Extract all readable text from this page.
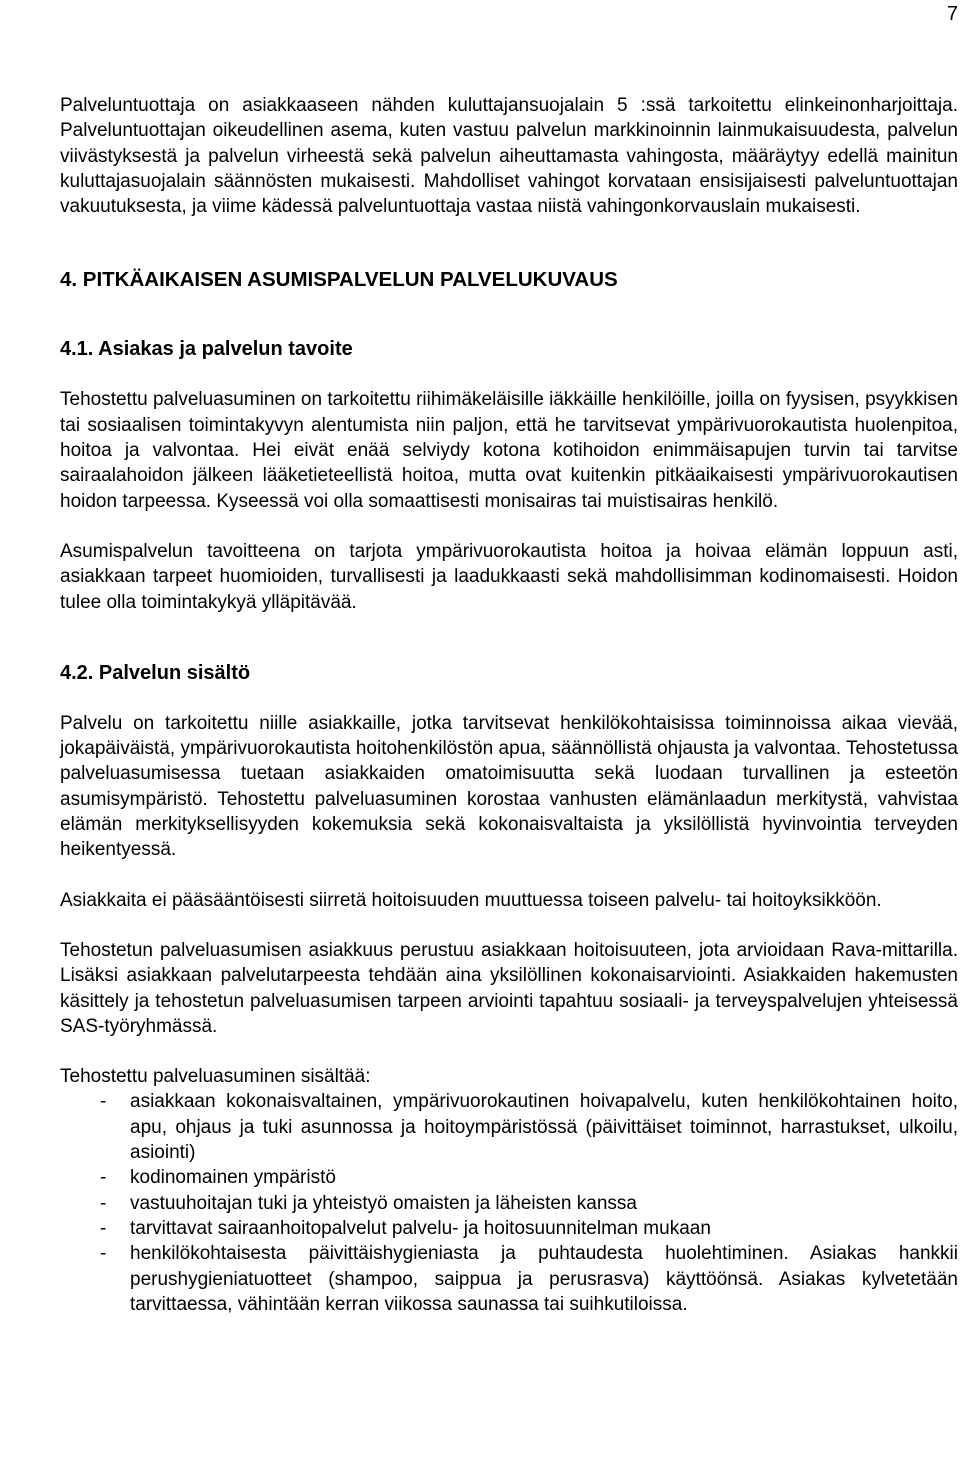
7

Palveluntuottaja on asiakkaaseen nähden kuluttajansuojalain 5 :ssä tarkoitettu elinkeinonharjoittaja. Palveluntuottajan oikeudellinen asema, kuten vastuu palvelun markkinoinnin lainmukaisuudesta, palvelun viivästyksestä ja palvelun virheestä sekä palvelun aiheuttamasta vahingosta, määräytyy edellä mainitun kuluttajasuojalain säännösten mukaisesti. Mahdolliset vahingot korvataan ensisijaisesti palveluntuottajan vakuutuksesta, ja viime kädessä palveluntuottaja vastaa niistä vahingonkorvauslain mukaisesti.

4. PITKÄAIKAISEN ASUMISPALVELUN PALVELUKUVAUS
4.1. Asiakas ja palvelun tavoite

Tehostettu palveluasuminen on tarkoitettu riihimäkeläisille iäkkäille henkilöille, joilla on fyysisen, psyykkisen tai sosiaalisen toimintakyvyn alentumista niin paljon, että he tarvitsevat ympärivuorokautista huolenpitoa, hoitoa ja valvontaa. Hei eivät enää selviydy kotona kotihoidon enimmäisapujen turvin tai tarvitse sairaalahoidon jälkeen lääketieteellistä hoitoa, mutta ovat kuitenkin pitkäaikaisesti ympärivuorokautisen hoidon tarpeessa. Kyseessä voi olla somaattisesti monisairas tai muistisairas henkilö.

Asumispalvelun tavoitteena on tarjota ympärivuorokautista hoitoa ja hoivaa elämän loppuun asti, asiakkaan tarpeet huomioiden, turvallisesti ja laadukkaasti sekä mahdollisimman kodinomaisesti. Hoidon tulee olla toimintakykyä ylläpitävää.

4.2. Palvelun sisältö

Palvelu on tarkoitettu niille asiakkaille, jotka tarvitsevat henkilökohtaisissa toiminnoissa aikaa vievää, jokapäiväistä, ympärivuorokautista hoitohenkilöstön apua, säännöllistä ohjausta ja valvontaa. Tehostetussa palveluasumisessa tuetaan asiakkaiden omatoimisuutta sekä luodaan turvallinen ja esteetön asumisympäristö. Tehostettu palveluasuminen korostaa vanhusten elämänlaadun merkitystä, vahvistaa elämän merkityksellisyyden kokemuksia sekä kokonaisvaltaista ja yksilöllistä hyvinvointia terveyden heikentyessä.

Asiakkaita ei pääsääntöisesti siirretä hoitoisuuden muuttuessa toiseen palvelu- tai hoitoyksikköön.

Tehostetun palveluasumisen asiakkuus perustuu asiakkaan hoitoisuuteen, jota arvioidaan Rava-mittarilla. Lisäksi asiakkaan palvelutarpeesta tehdään aina yksilöllinen kokonaisarviointi. Asiakkaiden hakemusten käsittely ja tehostetun palveluasumisen tarpeen arviointi tapahtuu sosiaali- ja terveyspalvelujen yhteisessä SAS-työryhmässä.

Tehostettu palveluasuminen sisältää:

- asiakkaan kokonaisvaltainen, ympärivuorokautinen hoivapalvelu, kuten henkilökohtainen hoito, apu, ohjaus ja tuki asunnossa ja hoitoympäristössä (päivittäiset toiminnot, harrastukset, ulkoilu, asiointi)
- kodinomainen ympäristö
- vastuuhoitajan tuki ja yhteistyö omaisten ja läheisten kanssa
- tarvittavat sairaanhoitopalvelut palvelu- ja hoitosuunnitelman mukaan
- henkilökohtaisesta päivittäishygieniasta ja puhtaudesta huolehtiminen. Asiakas hankkii perushygieniatuotteet (shampoo, saippua ja perusrasva) käyttöönsä. Asiakas kylvetetään tarvittaessa, vähintään kerran viikossa saunassa tai suihkutiloissa.
